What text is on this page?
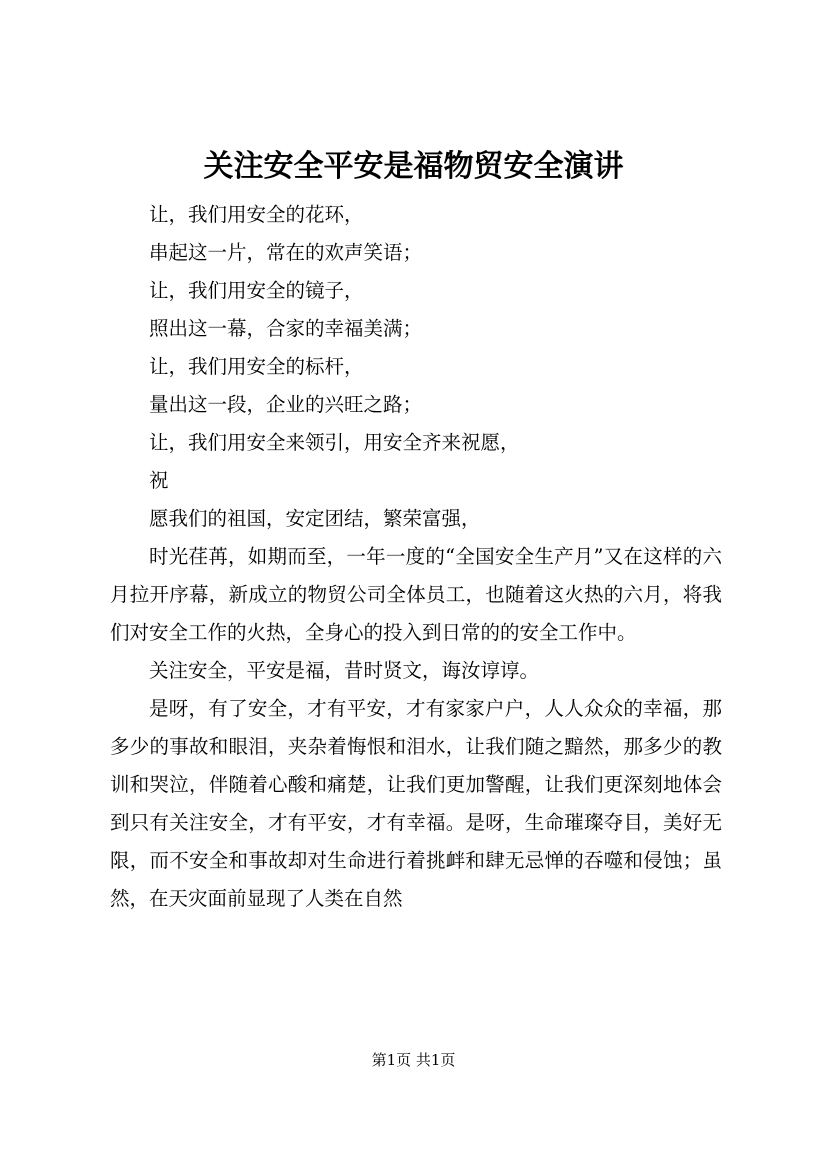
关注安全平安是福物贸安全演讲

让，我们用安全的花环，

串起这一片，常在的欢声笑语；

让，我们用安全的镜子，

照出这一幕，合家的幸福美满；

让，我们用安全的标杆，

量出这一段，企业的兴旺之路；

让，我们用安全来领引，用安全齐来祝愿，

祝

愿我们的祖国，安定团结，繁荣富强，

时光荏苒，如期而至，一年一度的“全国安全生产月”又在这样的六月拉开序幕，新成立的物贸公司全体员工，也随着这火热的六月，将我们对安全工作的火热，全身心的投入到日常的的安全工作中。

关注安全，平安是福，昔时贤文，诲汝谆谆。

是呀，有了安全，才有平安，才有家家户户，人人众众的幸福，那多少的事故和眼泪，夹杂着悔恨和泪水，让我们随之黯然，那多少的教训和哭泣，伴随着心酸和痛楚，让我们更加警醒，让我们更深刻地体会到只有关注安全，才有平安，才有幸福。是呀，生命璀璨夺目，美好无限，而不安全和事故却对生命进行着挑衅和肆无忌惮的吞噬和侵蚀；虽然，在天灾面前显现了人类在自然

第1页 共1页
